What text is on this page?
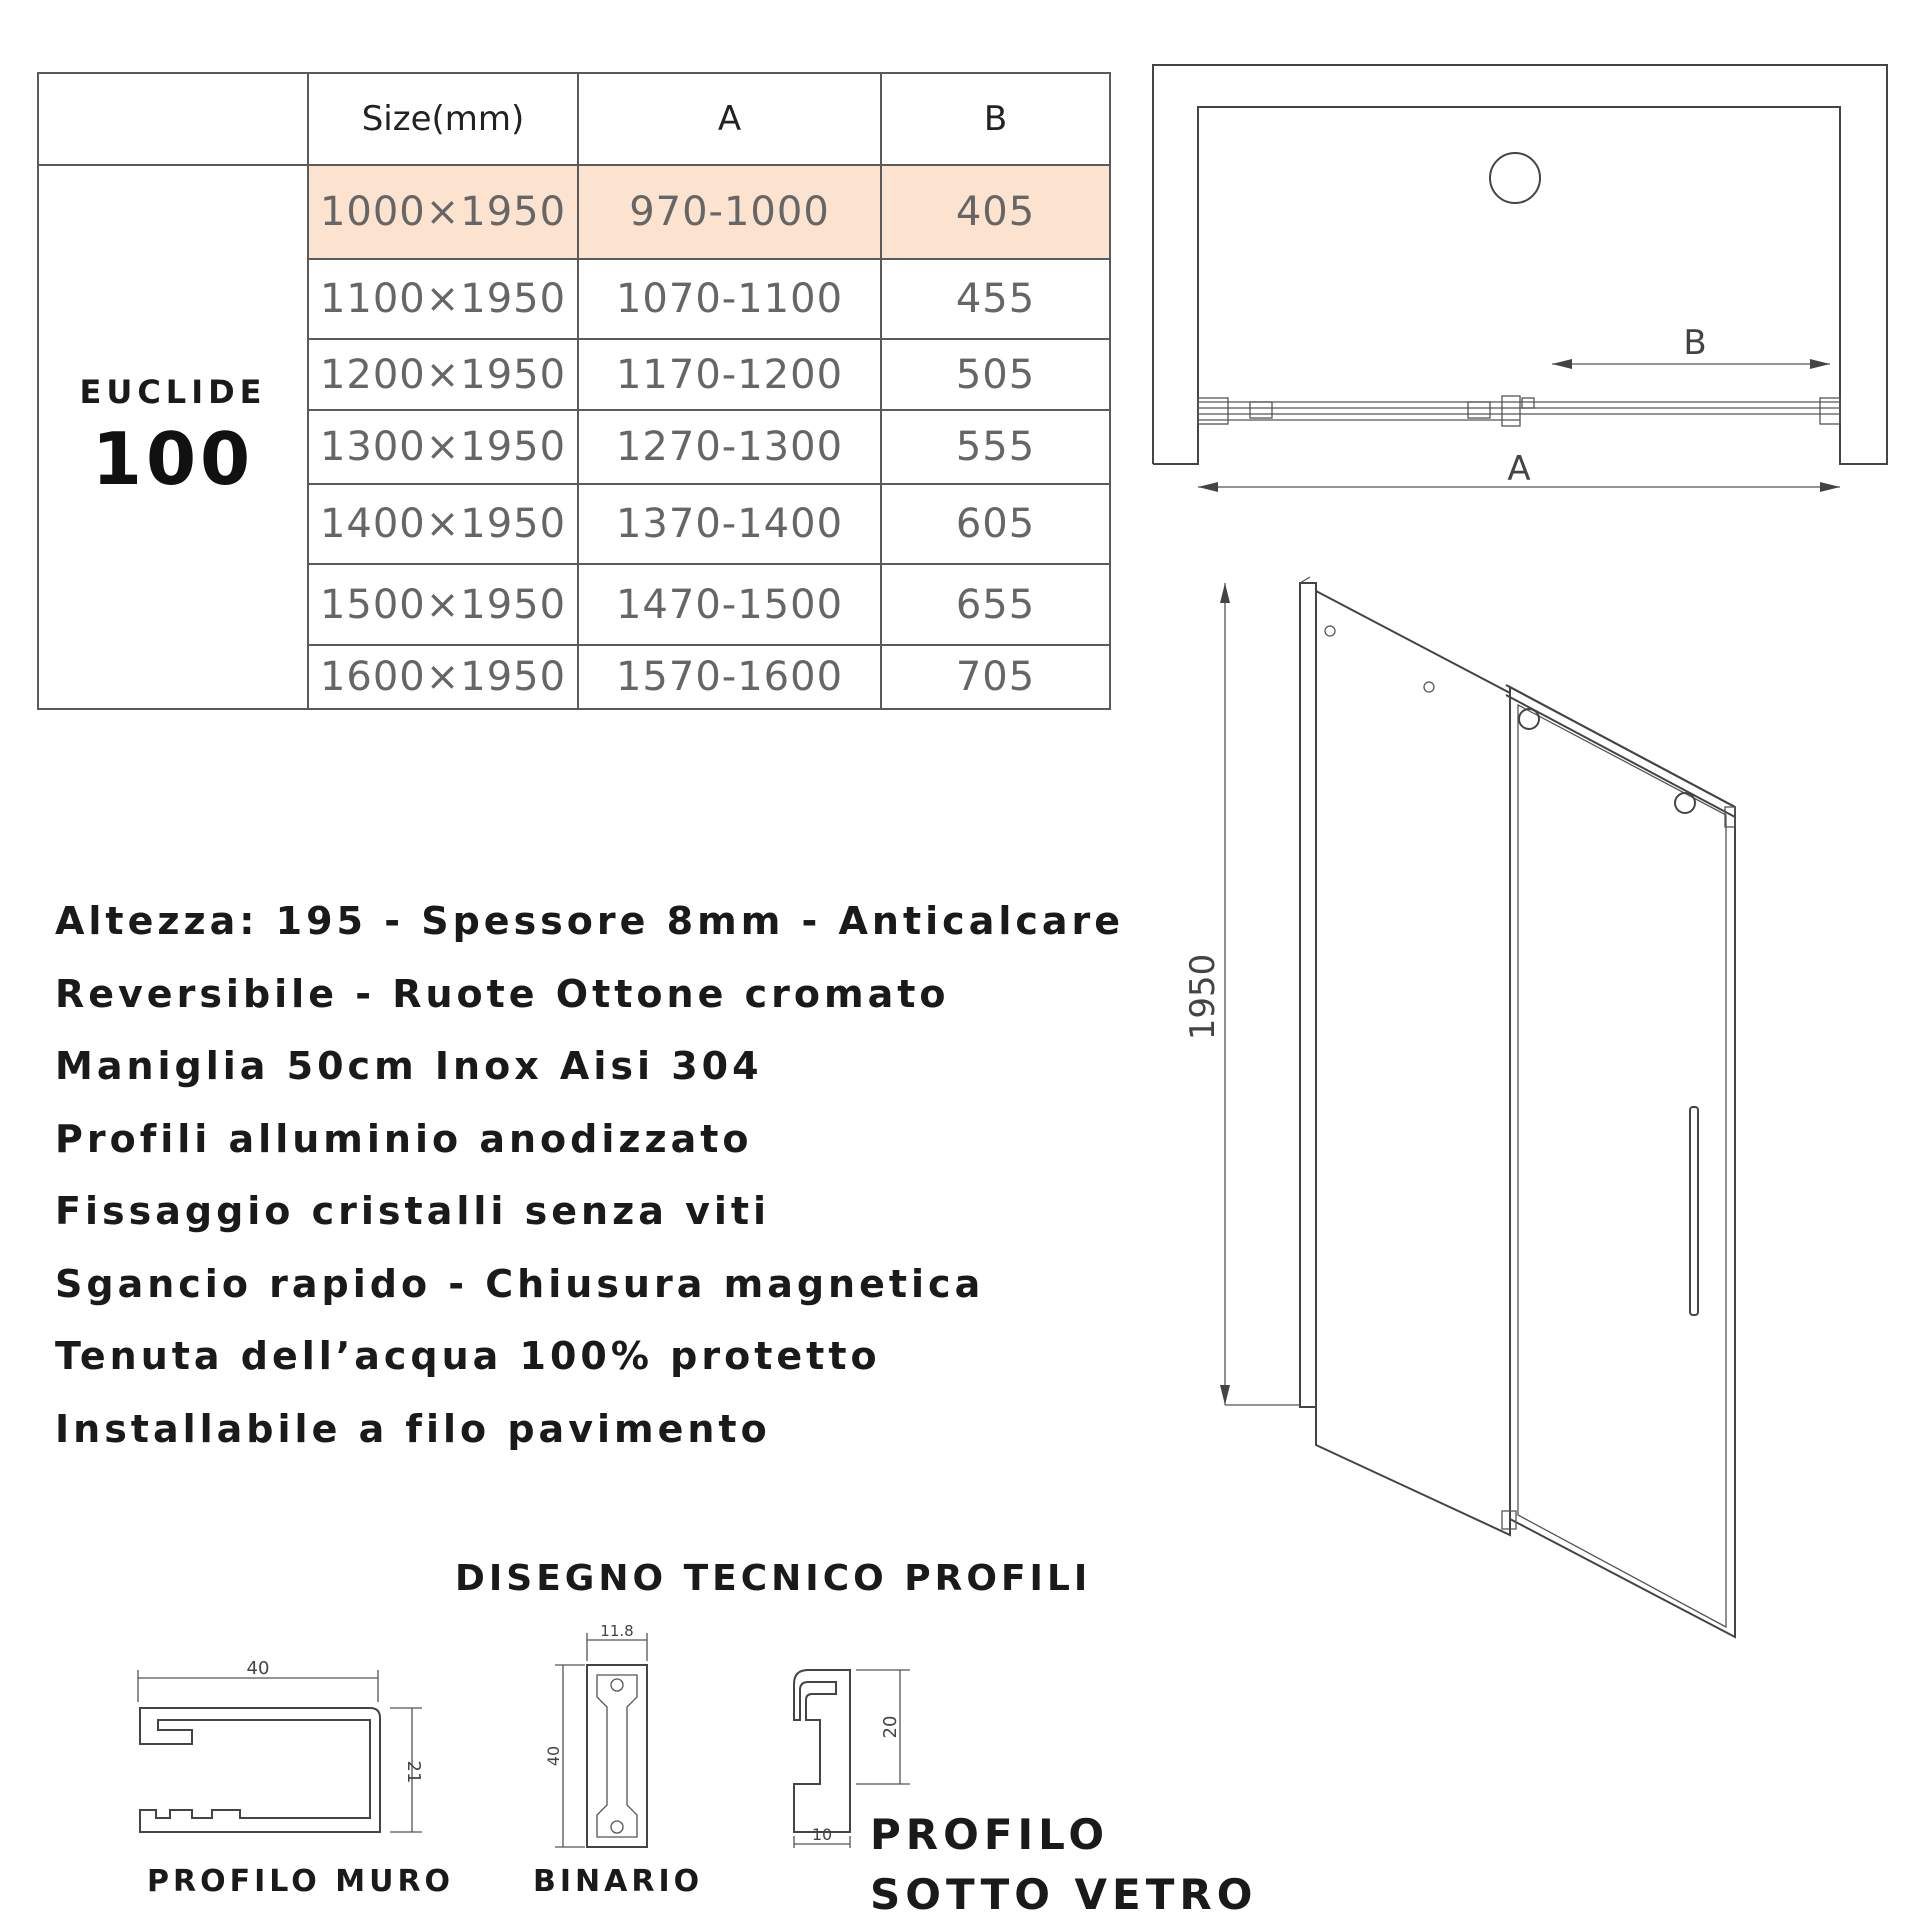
	Size(mm)	A	B

EUCLIDE
100	1000×1950	970-1000	405
	1100×1950	1070-1100	455
	1200×1950	1170-1200	505
	1300×1950	1270-1300	555
	1400×1950	1370-1400	605
	1500×1950	1470-1500	655
	1600×1950	1570-1600	705
B
A
1950
Altezza: 195 - Spessore 8mm - Anticalcare
Reversibile - Ruote Ottone cromato
Maniglia 50cm Inox Aisi 304
Profili alluminio anodizzato
Fissaggio cristalli senza viti
Sgancio rapido - Chiusura magnetica
Tenuta dell’acqua 100% protetto
Installabile a filo pavimento
DISEGNO TECNICO PROFILI
40
21
PROFILO MURO
11.8
40
BINARIO
20
10 PROFILO
SOTTO VETRO
